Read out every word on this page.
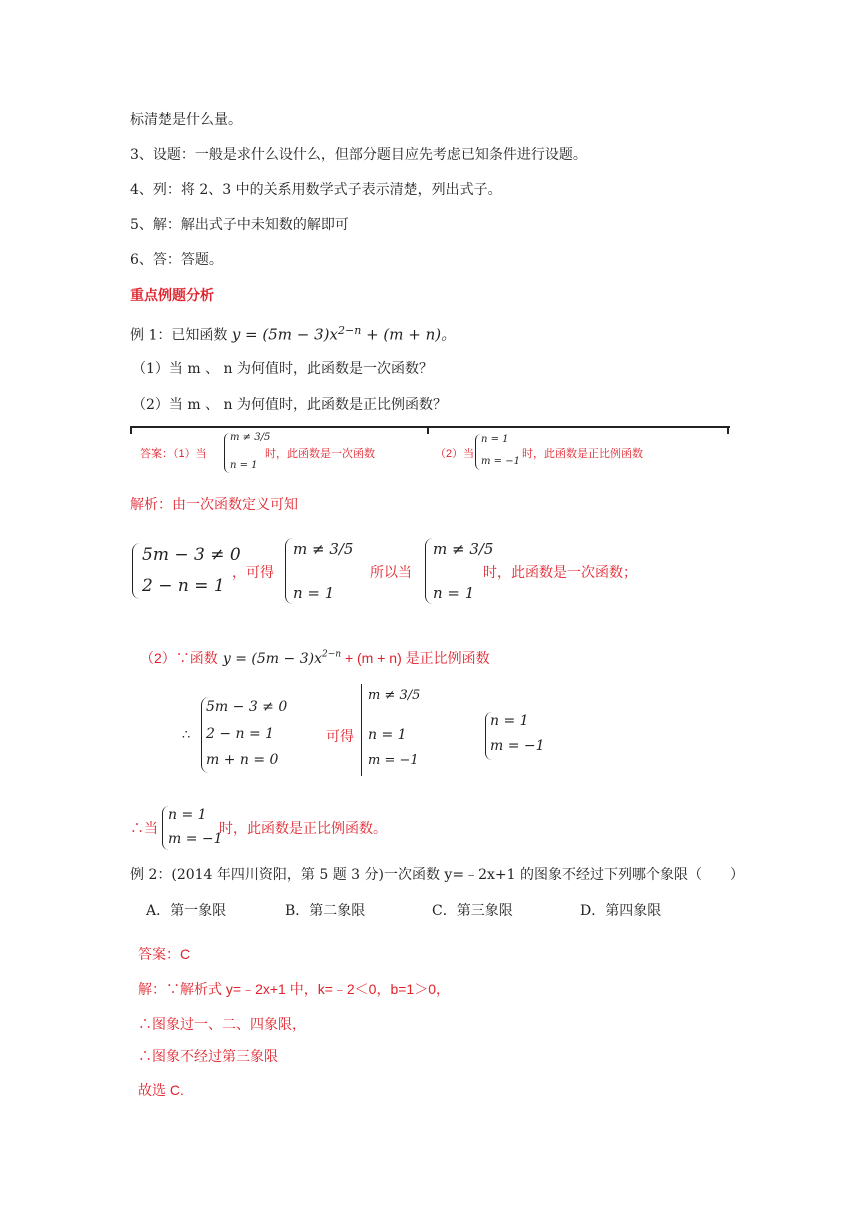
标清楚是什么量。
3、设题：一般是求什么设什么，但部分题目应先考虑已知条件进行设题。
4、列：将 2、3 中的关系用数学式子表示清楚，列出式子。
5、解：解出式子中未知数的解即可
6、答：答题。
重点例题分析
例 1：已知函数 $y = (5m - 3)x^{2-n} + (m + n)$。
（1）当 m 、 n 为何值时，此函数是一次函数？
（2）当 m 、 n 为何值时，此函数是正比例函数？
答案：（1）当
m ≠ 3/5
n = 1
时，此函数是一次函数	（2）当
n = 1
m = −1
时，此函数是正比例函数
解析：由一次函数定义可知
5m − 3 ≠ 0
2 − n = 1
，可得
m ≠ 3/5
n = 1
所以当
m ≠ 3/5
n = 1
时，此函数是一次函数；
（2）∵函数 $y = (5m - 3)x^{2-n} + (m + n)$ 是正比例函数
∴
5m − 3 ≠ 0
2 − n = 1
m + n = 0
可得
m ≠ 3/5
n = 1
m = −1
n = 1
m = −1
∴当
n = 1
m = −1
时，此函数是正比例函数。
例 2：(2014 年四川资阳，第 5 题 3 分)一次函数 y=﹣2x+1 的图象不经过下列哪个象限（　　）
A．第一象限	B．第二象限	C．第三象限	D．第四象限
答案：C
解：∵解析式 y=﹣2x+1 中，k=﹣2＜0，b=1＞0，
∴图象过一、二、四象限，
∴图象不经过第三象限
故选 C.
